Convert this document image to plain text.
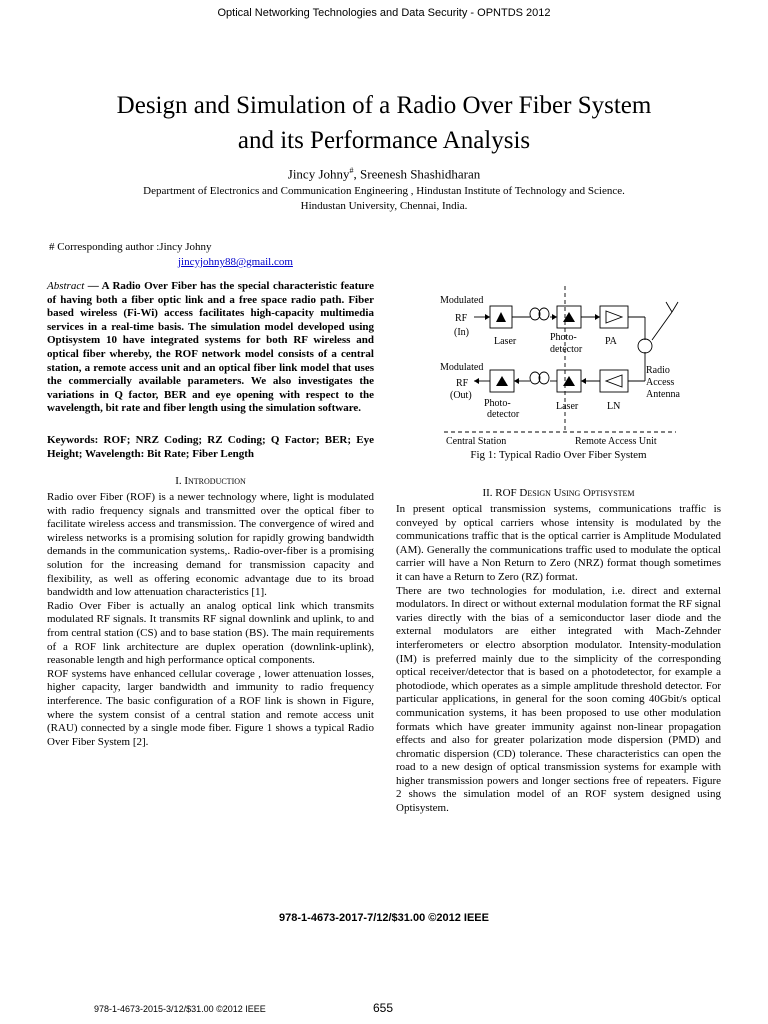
Optical Networking Technologies and Data Security - OPNTDS 2012
Design and Simulation of a Radio Over Fiber System
and its Performance Analysis
Jincy Johny#, Sreenesh Shashidharan
Department of Electronics and Communication Engineering , Hindustan Institute of Technology and Science.
Hindustan University, Chennai, India.
# Corresponding author :Jincy Johny
jincyjohny88@gmail.com
Abstract — A Radio Over Fiber has the special characteristic feature of having both a fiber optic link and a free space radio path. Fiber based wireless (Fi-Wi) access facilitates high-capacity multimedia services in a real-time basis. The simulation model developed using Optisystem 10 have integrated systems for both RF wireless and optical fiber whereby, the ROF network model consists of a central station, a remote access unit and an optical fiber link model that uses the commercially available parameters. We also investigates the variations in Q factor, BER and eye opening with respect to the wavelength, bit rate and fiber length using the simulation software.
Keywords: ROF; NRZ Coding; RZ Coding; Q Factor; BER; Eye Height; Wavelength: Bit Rate; Fiber Length
I. Introduction

Radio over Fiber (ROF) is a newer technology where, light is modulated with radio frequency signals and transmitted over the optical fiber to facilitate wireless access and transmission. The convergence of wired and wireless networks is a promising solution for rapidly growing bandwidth demands in the communication systems,. Radio-over-fiber is a promising solution for the increasing demand for transmission capacity and flexibility, as well as offering economic advantage due to its broad bandwidth and low attenuation characteristics [1].

Radio Over Fiber is actually an analog optical link which transmits modulated RF signals. It transmits RF signal downlink and uplink, to and from central station (CS) and to base station (BS). The main requirements of a ROF link architecture are duplex operation (downlink-uplink), reasonable length and high performance optical components.

ROF systems have enhanced cellular coverage , lower attenuation losses, higher capacity, larger bandwidth and immunity to radio frequency interference. The basic configuration of a ROF link is shown in Figure, where the system consist of a central station and remote access unit (RAU) connected by a single mode fiber. Figure 1 shows a typical Radio Over Fiber System [2].

Modulated
RF
(In)
Laser	Photo-
detector
PA
Radio
Access
Antenna
Modulated
RF
(Out)
Photo-
detector
Laser	LN
Central Station	Remote Access Unit
Fig 1: Typical Radio Over Fiber System
II. ROF Design Using Optisystem

In present optical transmission systems, communications traffic is conveyed by optical carriers whose intensity is modulated by the communications traffic that is the optical carrier is Amplitude Modulated (AM). Generally the communications traffic used to modulate the optical carrier will have a Non Return to Zero (NRZ) format though sometimes it can have a Return to Zero (RZ) format.

There are two technologies for modulation, i.e. direct and external modulators. In direct or without external modulation format the RF signal varies directly with the bias of a semiconductor laser diode and the external modulators are either integrated with Mach-Zehnder interferometers or electro absorption modulator. Intensity-modulation (IM) is preferred mainly due to the simplicity of the corresponding optical receiver/detector that is based on a photodetector, for example a photodiode, which operates as a simple amplitude threshold detector. For particular applications, in general for the soon coming 40Gbit/s optical communication systems, it has been proposed to use other modulation formats which have greater immunity against non-linear propagation effects and also for greater polarization mode dispersion (PMD) and chromatic dispersion (CD) tolerance. These characteristics can open the road to a new design of optical transmission systems for example with higher transmission powers and longer sections free of repeaters. Figure 2 shows the simulation model of an ROF system designed using Optisystem.

978-1-4673-2017-7/12/$31.00 ©2012 IEEE
978-1-4673-2015-3/12/$31.00 ©2012 IEEE	655
